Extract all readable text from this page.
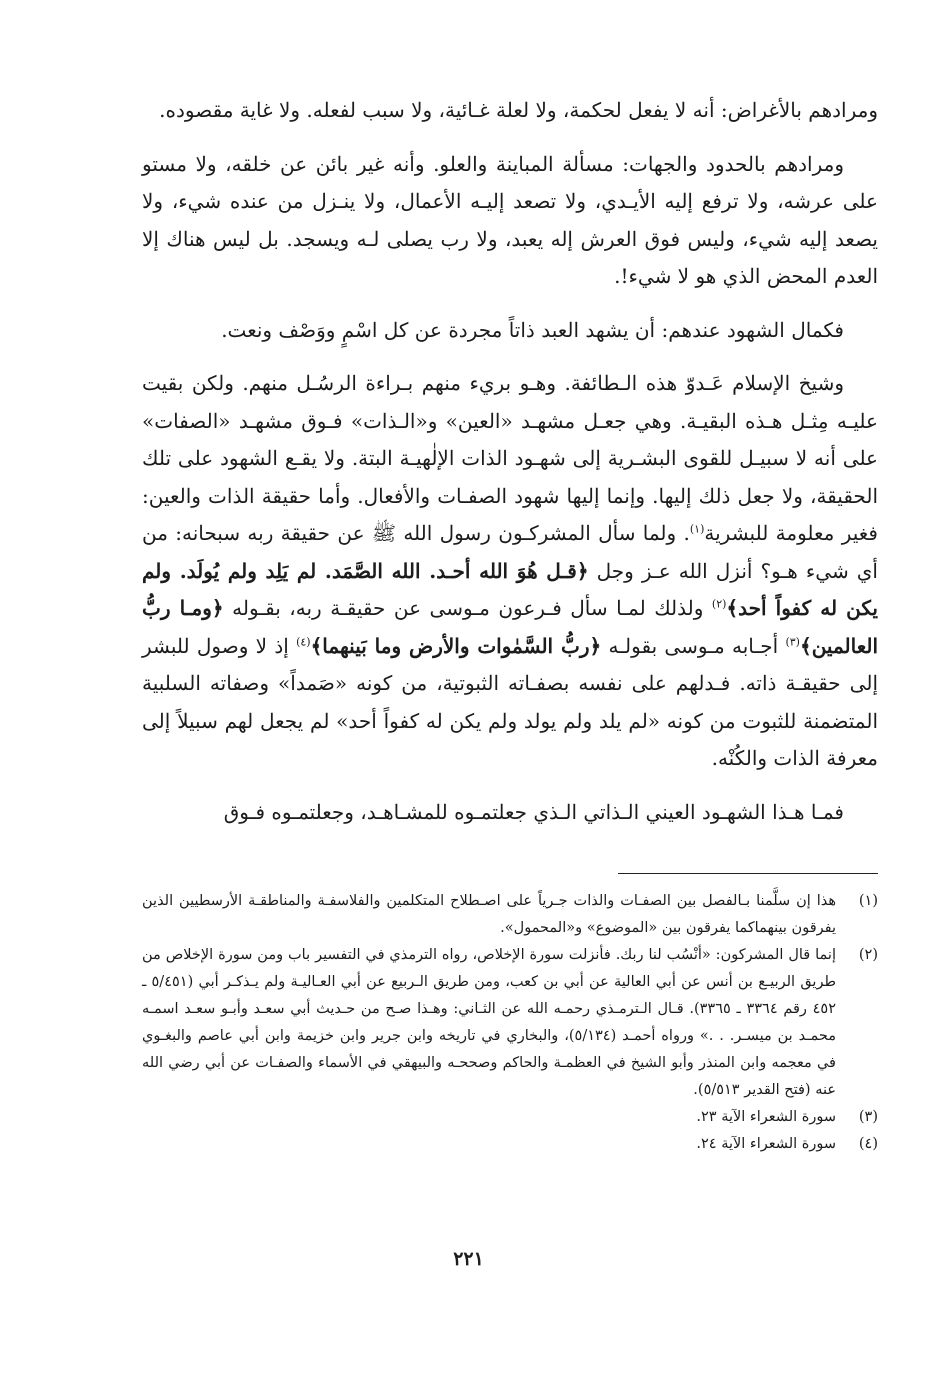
ومرادهم بالأغراض: أنه لا يفعل لحكمة، ولا لعلة غـائية، ولا سبب لفعله. ولا غاية مقصوده.

ومرادهم بالحدود والجهات: مسألة المباينة والعلو. وأنه غير بائن عن خلقه، ولا مستو على عرشه، ولا ترفع إليه الأيـدي، ولا تصعد إليـه الأعمال، ولا ينـزل من عنده شيء، ولا يصعد إليه شيء، وليس فوق العرش إله يعبد، ولا رب يصلى لـه ويسجد. بل ليس هناك إلا العدم المحض الذي هو لا شيء!.

فكمال الشهود عندهم: أن يشهد العبد ذاتاً مجردة عن كل اسْمٍ ووَصْف ونعت.

وشيخ الإسلام عَـدوّ هذه الـطائفة. وهـو بريء منهم بـراءة الرسُـل منهم. ولكن بقيت عليـه مِثـل هـذه البقيـة. وهي جعـل مشهـد «العين» و«الـذات» فـوق مشهـد «الصفات» على أنه لا سبيـل للقوى البشـرية إلى شهـود الذات الإلٰهيـة البتة. ولا يقـع الشهود على تلك الحقيقة، ولا جعل ذلك إليها. وإنما إليها شهود الصفـات والأفعال. وأما حقيقة الذات والعين: فغير معلومة للبشرية$^{(١)}$. ولما سأل المشركـون رسول الله ﷺ عن حقيقة ربه سبحانه: من أي شيء هـو؟ أنزل الله عـز وجل ﴿قـل هُوَ الله أحـد. الله الصَّمَد. لم يَلِد ولم يُولَد. ولم يكن له كفواً أحد﴾$^{(٢)}$ ولذلك لمـا سأل فـرعون مـوسى عن حقيقـة ربه، بقـوله ﴿ومـا ربُّ العالمين﴾$^{(٣)}$ أجـابه مـوسى بقولـه ﴿ربُّ السَّمٰوات والأرض وما بَينهما﴾$^{(٤)}$ إذ لا وصول للبشر إلى حقيقـة ذاته. فـدلهم على نفسه بصفـاته الثبوتية، من كونه «صَمداً» وصفاته السلبية المتضمنة للثبوت من كونه «لم يلد ولم يولد ولم يكن له كفواً أحد» لم يجعل لهم سبيلاً إلى معرفة الذات والكُنْه.

فمـا هـذا الشهـود العيني الـذاتي الـذي جعلتمـوه للمشـاهـد، وجعلتمـوه فـوق

(١)
هذا إن سلَّمنا بـالفصل بين الصفـات والذات جـرياً على اصـطلاح المتكلمين والفلاسفـة والمناطقـة الأرسطيين الذين يفرقون بينهماكما يفرقون بين «الموضوع» و«المحمول».
(٢)
إنما قال المشركون: «أنْسُب لنا ربك. فأنزلت سورة الإخلاص، رواه الترمذي في التفسير باب ومن سورة الإخلاص من طريق الربيـع بن أنس عن أبي العالية عن أبي بن كعب، ومن طريق الـربيع عن أبي العـاليـة ولم يـذكـر أبي (٥/٤٥١ ـ ٤٥٢ رقم ٣٣٦٤ ـ ٣٣٦٥). قـال الـترمـذي رحمـه الله عن الثـاني: وهـذا صـح من حـديث أبي سعـد وأبـو سعـد اسمـه محمـد بن ميسـر. . .» ورواه أحمـد (٥/١٣٤)، والبخاري في تاريخه وابن جرير وابن خزيمة وابن أبي عاصم والبغـوي في معجمه وابن المنذر وأبو الشيخ في العظمـة والحاكم وصححـه والبيهقي في الأسماء والصفـات عن أبي رضي الله عنه (فتح القدير ٥/٥١٣).
(٣)
سورة الشعراء الآية ٢٣.
(٤)
سورة الشعراء الآية ٢٤.
٢٢١
